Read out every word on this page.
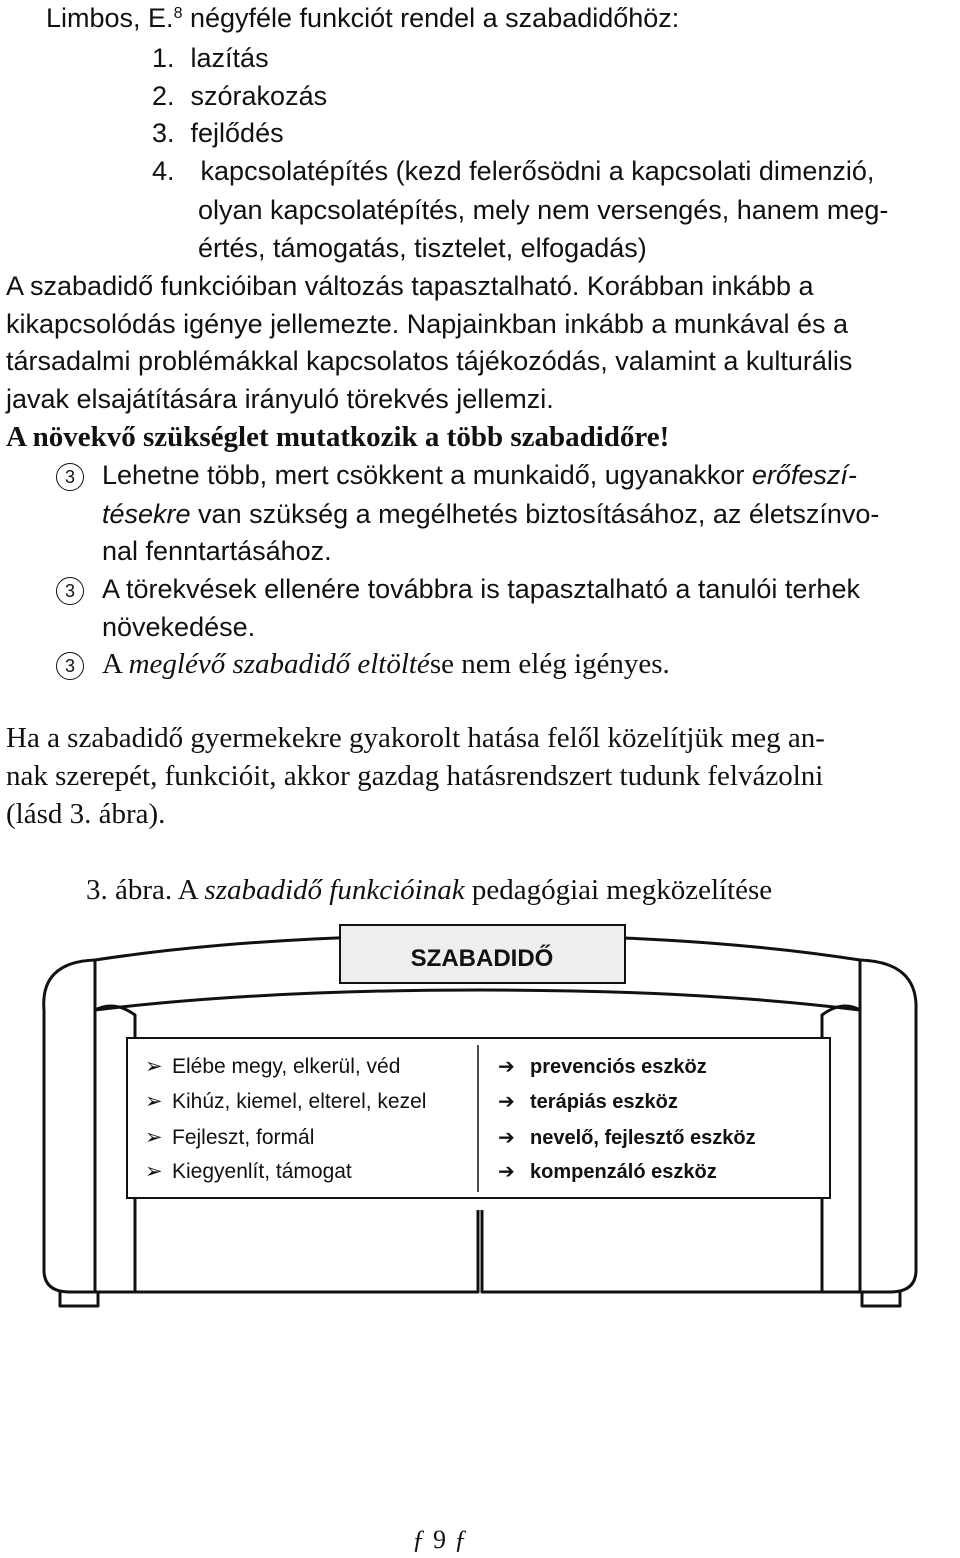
Limbos, E.$^8$ négyféle funkciót rendel a szabadidőhöz:
1. lazítás
2. szórakozás
3. fejlődés
4. kapcsolatépítés (kezd felerősödni a kapcsolati dimenzió,
olyan kapcsolatépítés, mely nem versengés, hanem meg-
értés, támogatás, tisztelet, elfogadás)
A szabadidő funkcióiban változás tapasztalható. Korábban inkább a
kikapcsolódás igénye jellemezte. Napjainkban inkább a munkával és a
társadalmi problémákkal kapcsolatos tájékozódás, valamint a kulturális
javak elsajátítására irányuló törekvés jellemzi.
A növekvő szükséglet mutatkozik a több szabadidőre!
3	Lehetne több, mert csökkent a munkaidő, ugyanakkor erőfeszí-
tésekre van szükség a megélhetés biztosításához, az életszínvo-
nal fenntartásához.
3	A törekvések ellenére továbbra is tapasztalható a tanulói terhek
növekedése.
3 A meglévő szabadidő eltöltése nem elég igényes.
Ha a szabadidő gyermekekre gyakorolt hatása felől közelítjük meg an-
nak szerepét, funkcióit, akkor gazdag hatásrendszert tudunk felvázolni
(lásd 3. ábra).
3. ábra. A szabadidő funkcióinak pedagógiai megközelítése
SZABADIDŐ
➢ Elébe megy, elkerül, véd
➢ Kihúz, kiemel, elterel, kezel
➢ Fejleszt, formál
➢ Kiegyenlít, támogat
➔ prevenciós eszköz
➔ terápiás eszköz
➔ nevelő, fejlesztő eszköz
➔ kompenzáló eszköz
ƒ 9 ƒ
